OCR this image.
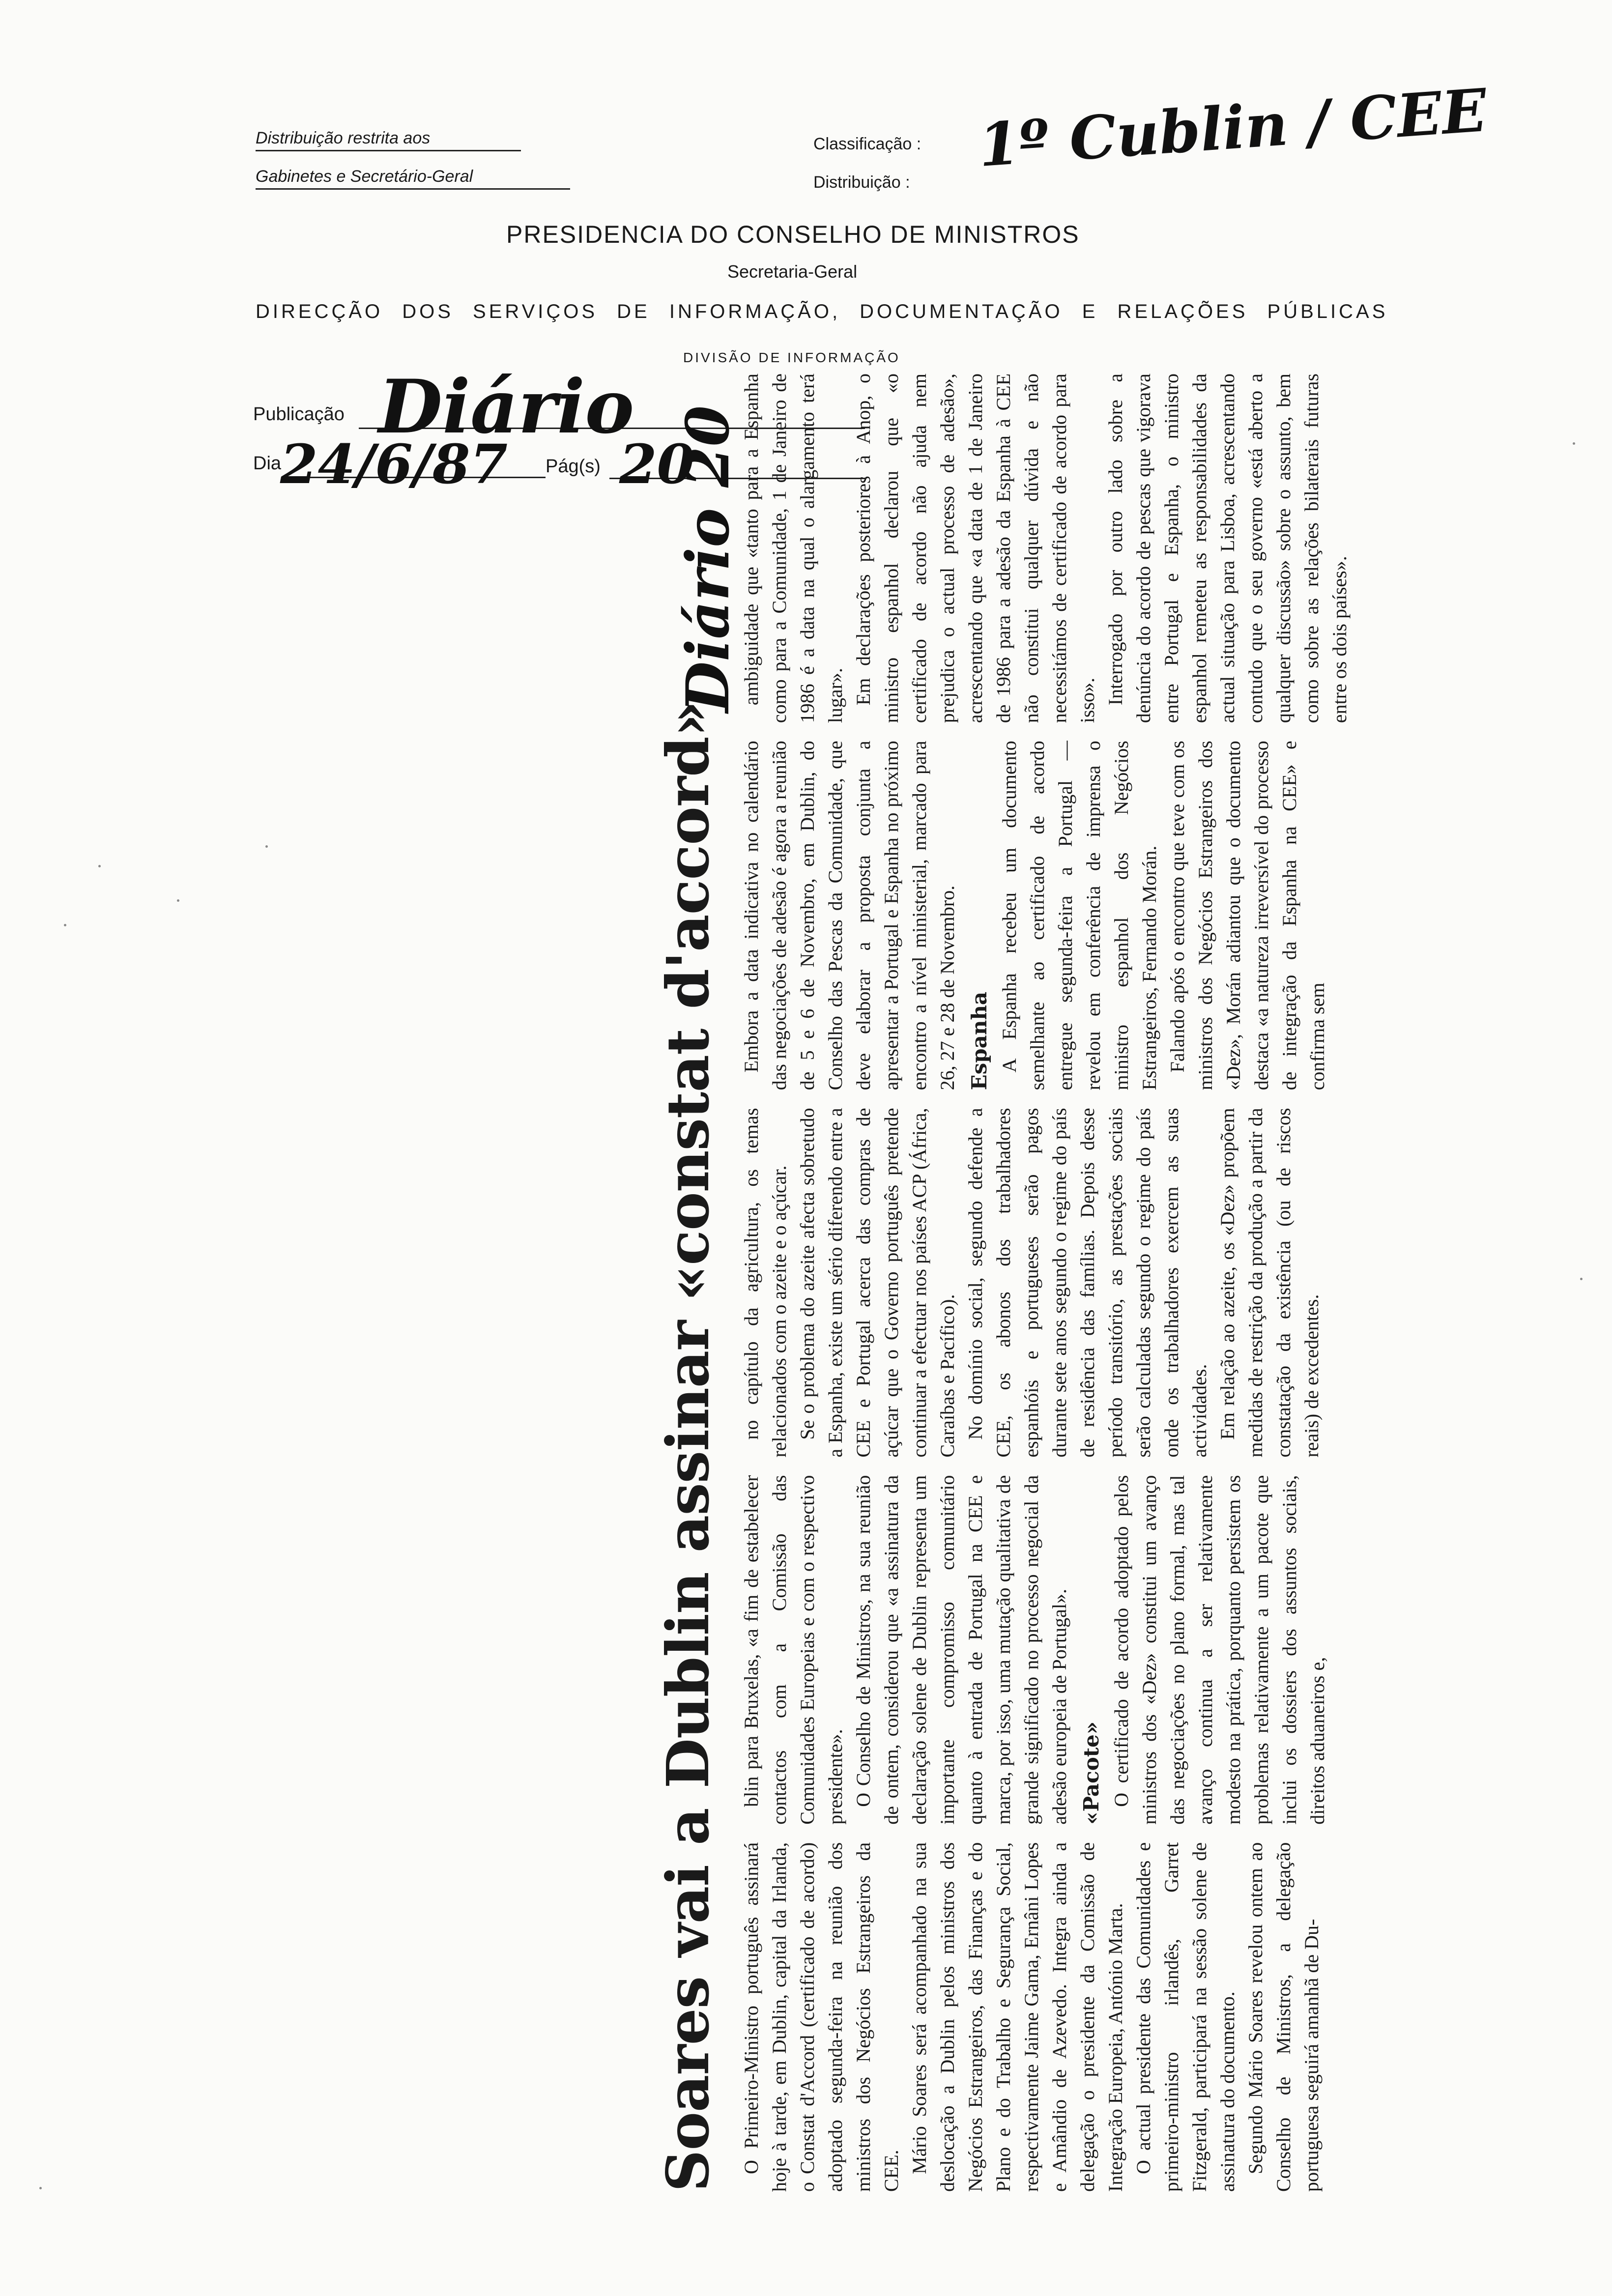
Distribuição restrita aos
Gabinetes e Secretário-Geral
Classificação :
Distribuição :
1º Cublin / CEE
PRESIDENCIA DO CONSELHO DE MINISTROS
Secretaria-Geral
DIRECÇÃO DOS SERVIÇOS DE INFORMAÇÃO, DOCUMENTAÇÃO E RELAÇÕES PÚBLICAS
DIVISÃO DE INFORMAÇÃO
Publicação Diário
Dia
24/6/87 Pág(s) 20
Soares vai a Dublin assinar «constat d'accord» O Primeiro-Ministro português assinará hoje à tarde, em Dublin, capital da Irlanda, o Constat d'Accord (certificado de acordo) adoptado segunda-feira na reunião dos ministros dos Negócios Estrangeiros da CEE. Mário Soares será acompanhado na sua deslocação a Dublin pelos ministros dos Negócios Estrangeiros, das Finanças e do Plano e do Trabalho e Segurança Social, respectivamente Jaime Gama, Ernâni Lopes e Amândio de Azevedo. Integra ainda a delegação o presidente da Comissão de Integração Europeia, António Marta. O actual presidente das Comunidades e primeiro-ministro irlandês, Garret Fitzgerald, participará na sessão solene de assinatura do documento. Segundo Mário Soares revelou ontem ao Conselho de Ministros, a delegação portuguesa seguirá amanhã de Du-

blin para Bruxelas, «a fim de estabelecer contactos com a Comissão das Comunidades Europeias e com o respectivo presidente». O Conselho de Ministros, na sua reunião de ontem, considerou que «a assinatura da declaração solene de Dublin representa um importante compromisso comunitário quanto à entrada de Portugal na CEE e marca, por isso, uma mutação qualitativa de grande significado no processo negocial da adesão europeia de Portugal». «Pacote» O certificado de acordo adoptado pelos ministros dos «Dez» constitui um avanço das negociações no plano formal, mas tal avanço continua a ser relativamente modesto na prática, porquanto persistem os problemas relativamente a um pacote que inclui os dossiers dos assuntos sociais, direitos aduaneiros e,

no capítulo da agricultura, os temas relacionados com o azeite e o açúcar. Se o problema do azeite afecta sobretudo a Espanha, existe um sério diferendo entre a CEE e Portugal acerca das compras de açúcar que o Governo português pretende continuar a efectuar nos países ACP (África, Caraíbas e Pacífico). No domínio social, segundo defende a CEE, os abonos dos trabalhadores espanhóis e portugueses serão pagos durante sete anos segundo o regime do país de residência das famílias. Depois desse período transitório, as prestações sociais serão calculadas segundo o regime do país onde os trabalhadores exercem as suas actividades. Em relação ao azeite, os «Dez» propõem medidas de restrição da produção a partir da constatação da existência (ou de riscos reais) de excedentes.

Embora a data indicativa no calendário das negociações de adesão é agora a reunião de 5 e 6 de Novembro, em Dublin, do Conselho das Pescas da Comunidade, que deve elaborar a proposta conjunta a apresentar a Portugal e Espanha no próximo encontro a nível ministerial, marcado para 26, 27 e 28 de Novembro. Espanha A Espanha recebeu um documento semelhante ao certificado de acordo entregue segunda-feira a Portugal — revelou em conferência de imprensa o ministro espanhol dos Negócios Estrangeiros, Fernando Morán. Falando após o encontro que teve com os ministros dos Negócios Estrangeiros dos «Dez», Morán adiantou que o documento destaca «a natureza irreversível do processo de integração da Espanha na CEE» e confirma sem

ambiguidade que «tanto para a Espanha como para a Comunidade, 1 de Janeiro de 1986 é a data na qual o alargamento terá lugar». Em declarações posteriores à Anop, o ministro espanhol declarou que «o certificado de acordo não ajuda nem prejudica o actual processo de adesão», acrescentando que «a data de 1 de Janeiro de 1986 para a adesão da Espanha à CEE não constitui qualquer dúvida e não necessitámos de certificado de acordo para isso». Interrogado por outro lado sobre a denúncia do acordo de pescas que vigorava entre Portugal e Espanha, o ministro espanhol remeteu as responsabilidades da actual situação para Lisboa, acrescentando contudo que o seu governo «está aberto a qualquer discussão» sobre o assunto, bem como sobre as relações bilaterais futuras entre os dois países».

Diário 20
